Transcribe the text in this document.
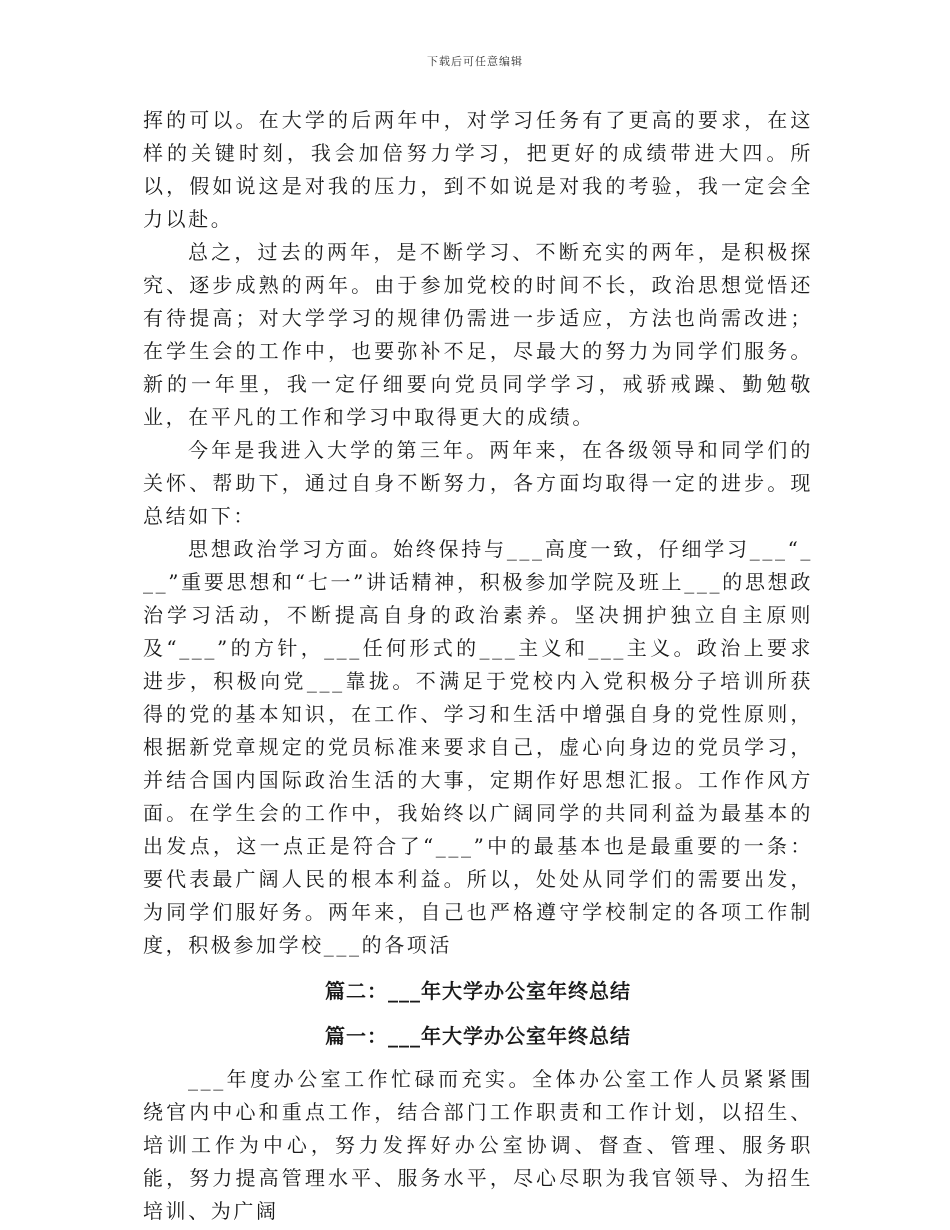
下载后可任意编辑

挥的可以。在大学的后两年中，对学习任务有了更高的要求，在这样的关键时刻，我会加倍努力学习，把更好的成绩带进大四。所以，假如说这是对我的压力，到不如说是对我的考验，我一定会全力以赴。

总之，过去的两年，是不断学习、不断充实的两年，是积极探究、逐步成熟的两年。由于参加党校的时间不长，政治思想觉悟还有待提高；对大学学习的规律仍需进一步适应，方法也尚需改进；在学生会的工作中，也要弥补不足，尽最大的努力为同学们服务。新的一年里，我一定仔细要向党员同学学习，戒骄戒躁、勤勉敬业，在平凡的工作和学习中取得更大的成绩。

今年是我进入大学的第三年。两年来，在各级领导和同学们的关怀、帮助下，通过自身不断努力，各方面均取得一定的进步。现总结如下：

思想政治学习方面。始终保持与___高度一致，仔细学习___“___”重要思想和“七一”讲话精神，积极参加学院及班上___的思想政治学习活动，不断提高自身的政治素养。坚决拥护独立自主原则及“___”的方针，___任何形式的___主义和___主义。政治上要求进步，积极向党___靠拢。不满足于党校内入党积极分子培训所获得的党的基本知识，在工作、学习和生活中增强自身的党性原则，根据新党章规定的党员标准来要求自己，虚心向身边的党员学习，并结合国内国际政治生活的大事，定期作好思想汇报。工作作风方面。在学生会的工作中，我始终以广阔同学的共同利益为最基本的出发点，这一点正是符合了“___”中的最基本也是最重要的一条：要代表最广阔人民的根本利益。所以，处处从同学们的需要出发，为同学们服好务。两年来，自己也严格遵守学校制定的各项工作制度，积极参加学校___的各项活

篇二：___年大学办公室年终总结
篇一：___年大学办公室年终总结

___年度办公室工作忙碌而充实。全体办公室工作人员紧紧围绕官内中心和重点工作，结合部门工作职责和工作计划，以招生、培训工作为中心，努力发挥好办公室协调、督查、管理、服务职能，努力提高管理水平、服务水平，尽心尽职为我官领导、为招生培训、为广阔
